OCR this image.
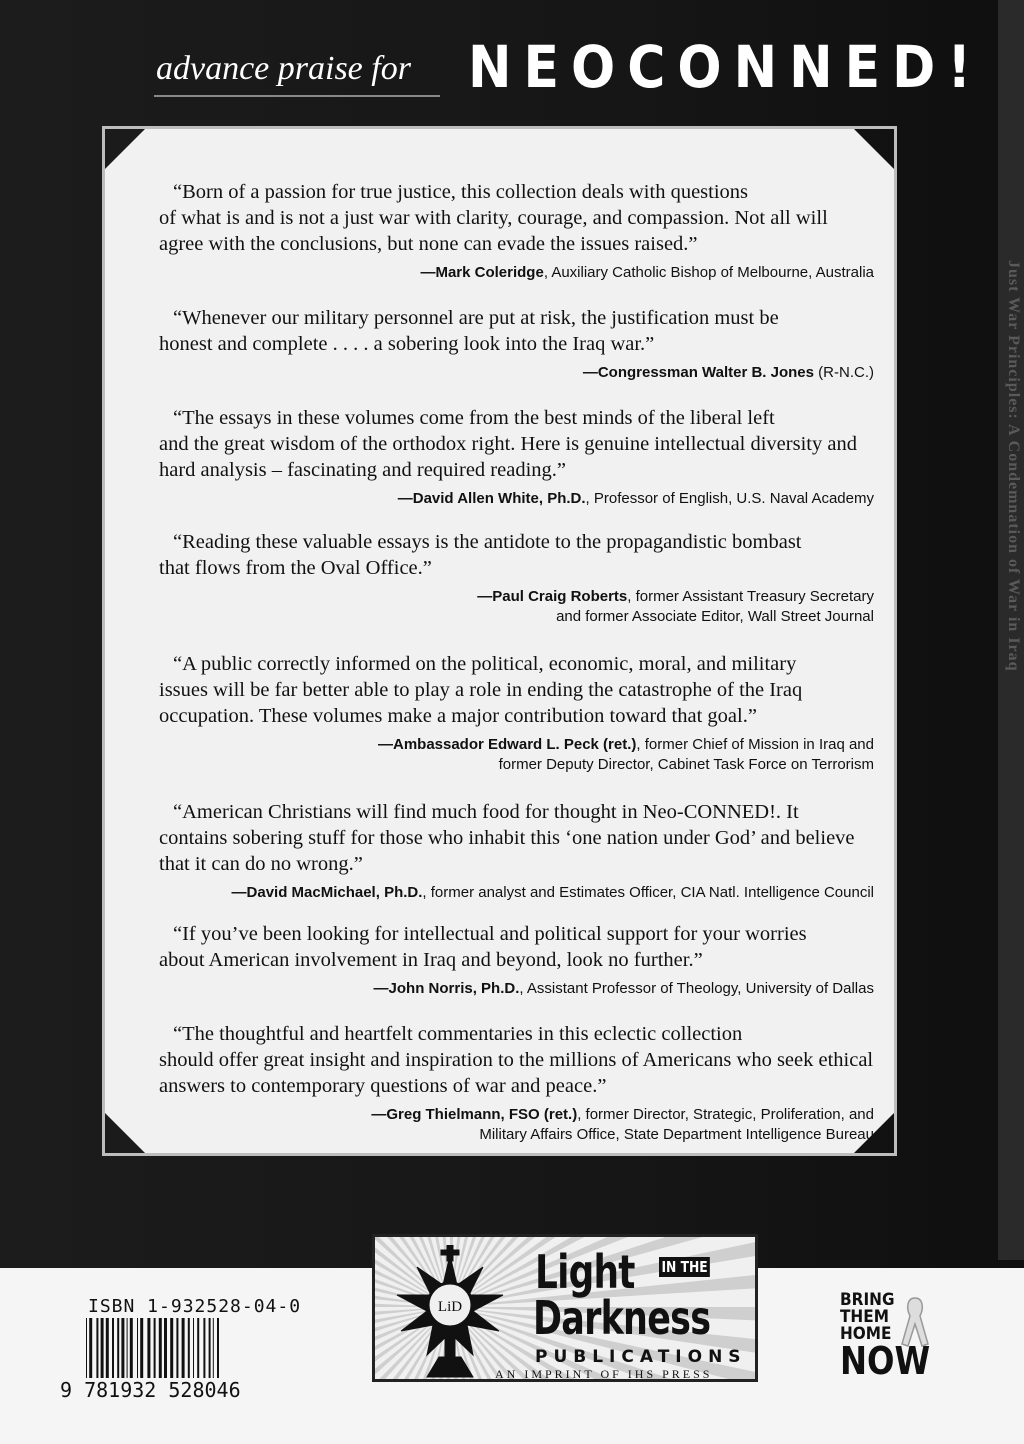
Just War Principles: A Condemnation of War in Iraq
advance praise for NEOCONNED!

“Born of a passion for true justice, this collection deals with questions
of what is and is not a just war with clarity, courage, and compassion. Not all will agree with the conclusions, but none can evade the issues raised.”

—Mark Coleridge, Auxiliary Catholic Bishop of Melbourne, Australia

“Whenever our military personnel are put at risk, the justification must be
honest and complete . . . . a sobering look into the Iraq war.”

—Congressman Walter B. Jones (R-N.C.)

“The essays in these volumes come from the best minds of the liberal left
and the great wisdom of the orthodox right. Here is genuine intellectual diversity and hard analysis – fascinating and required reading.”

—David Allen White, Ph.D., Professor of English, U.S. Naval Academy

“Reading these valuable essays is the antidote to the propagandistic bombast
that flows from the Oval Office.”

—Paul Craig Roberts, former Assistant Treasury Secretary
and former Associate Editor, Wall Street Journal

“A public correctly informed on the political, economic, moral, and military
issues will be far better able to play a role in ending the catastrophe of the Iraq occupation. These volumes make a major contribution toward that goal.”

—Ambassador Edward L. Peck (ret.), former Chief of Mission in Iraq and
former Deputy Director, Cabinet Task Force on Terrorism

“American Christians will find much food for thought in Neo-CONNED!. It
contains sobering stuff for those who inhabit this ‘one nation under God’ and believe that it can do no wrong.”

—David MacMichael, Ph.D., former analyst and Estimates Officer, CIA Natl. Intelligence Council

“If you’ve been looking for intellectual and political support for your worries
about American involvement in Iraq and beyond, look no further.”

—John Norris, Ph.D., Assistant Professor of Theology, University of Dallas

“The thoughtful and heartfelt commentaries in this eclectic collection
should offer great insight and inspiration to the millions of Americans who seek ethical answers to contemporary questions of war and peace.”

—Greg Thielmann, FSO (ret.), former Director, Strategic, Proliferation, and
Military Affairs Office, State Department Intelligence Bureau
ISBN 1-932528-04-0
9 781932 528046
LiD
Light IN THE
Darkness
PUBLICATIONS
AN IMPRINT OF IHS PRESS
BRING
THEM
HOME
NOW
